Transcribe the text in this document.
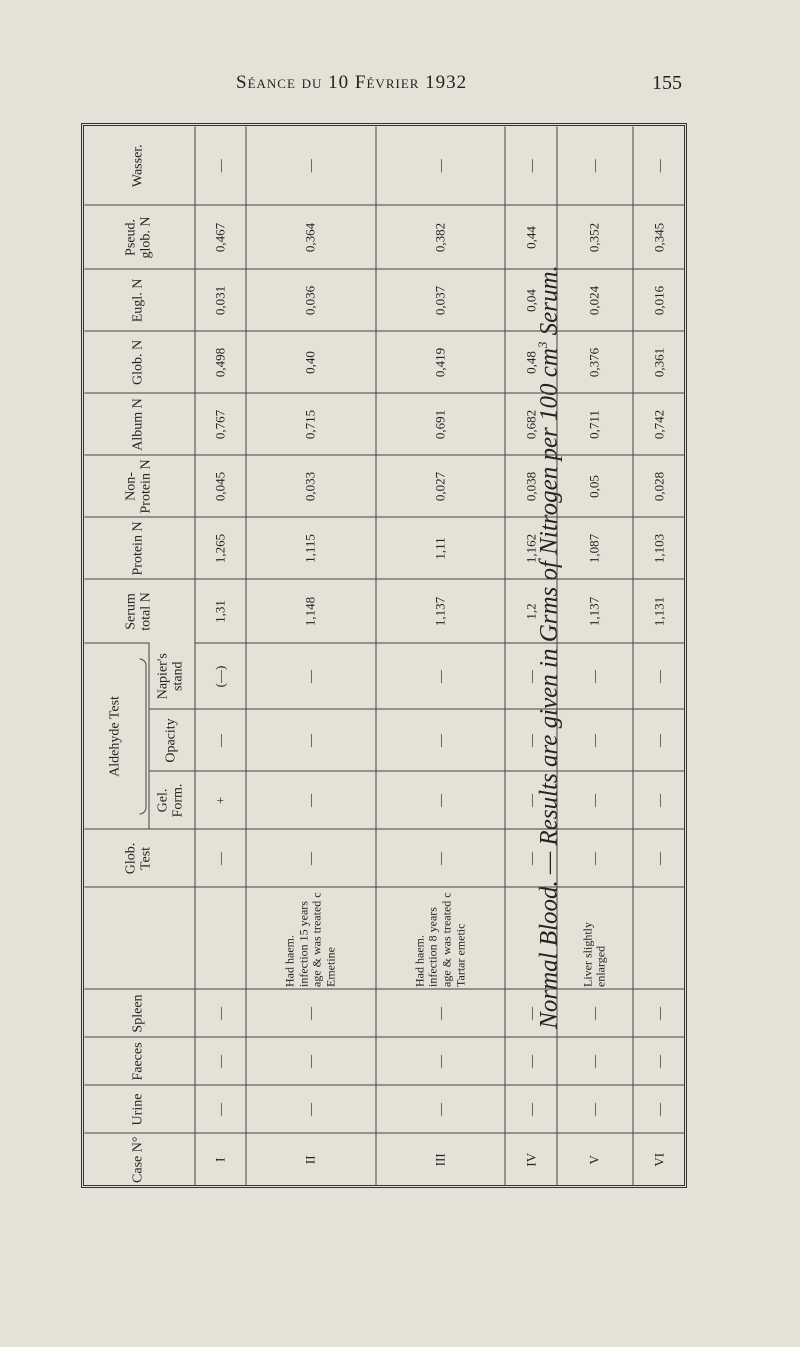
Séance du 10 Février 1932	155
Normal Blood. — Results are given in Grms of Nitrogen per 100 $cm^3$ Serum.
Case N°	Urine	Faeces	Spleen		Glob. Test	Aldehyde Test			Serum total N	Protein N	Non-Protein N	Album N	Glob. N	Eugl. N	Pseud. glob. N	Wasser.
						Gel. Form.	Opacity	Napier's stand								
I	—	—	—		—	+	—	(—)	1,31	1,265	0,045	0,767	0,498	0,031	0,467	—
II	—	—	—	Had haem. infection 15 years age & was treated c Emetine	—	—	—	—	1,148	1,115	0,033	0,715	0,40	0,036	0,364	—
III	—	—	—	Had haem. infection 8 years age & was treated c Tartar emetic	—	—	—	—	1,137	1,11	0,027	0,691	0,419	0,037	0,382	—
IV	—	—	—		—	—	—	—	1,2	1,162	0,038	0,682	0,48	0,04	0,44	—
V	—	—	—	Liver slightly enlarged	—	—	—	—	1,137	1,087	0,05	0,711	0,376	0,024	0,352	—
VI	—	—	—		—	—	—	—	1,131	1,103	0,028	0,742	0,361	0,016	0,345	—
